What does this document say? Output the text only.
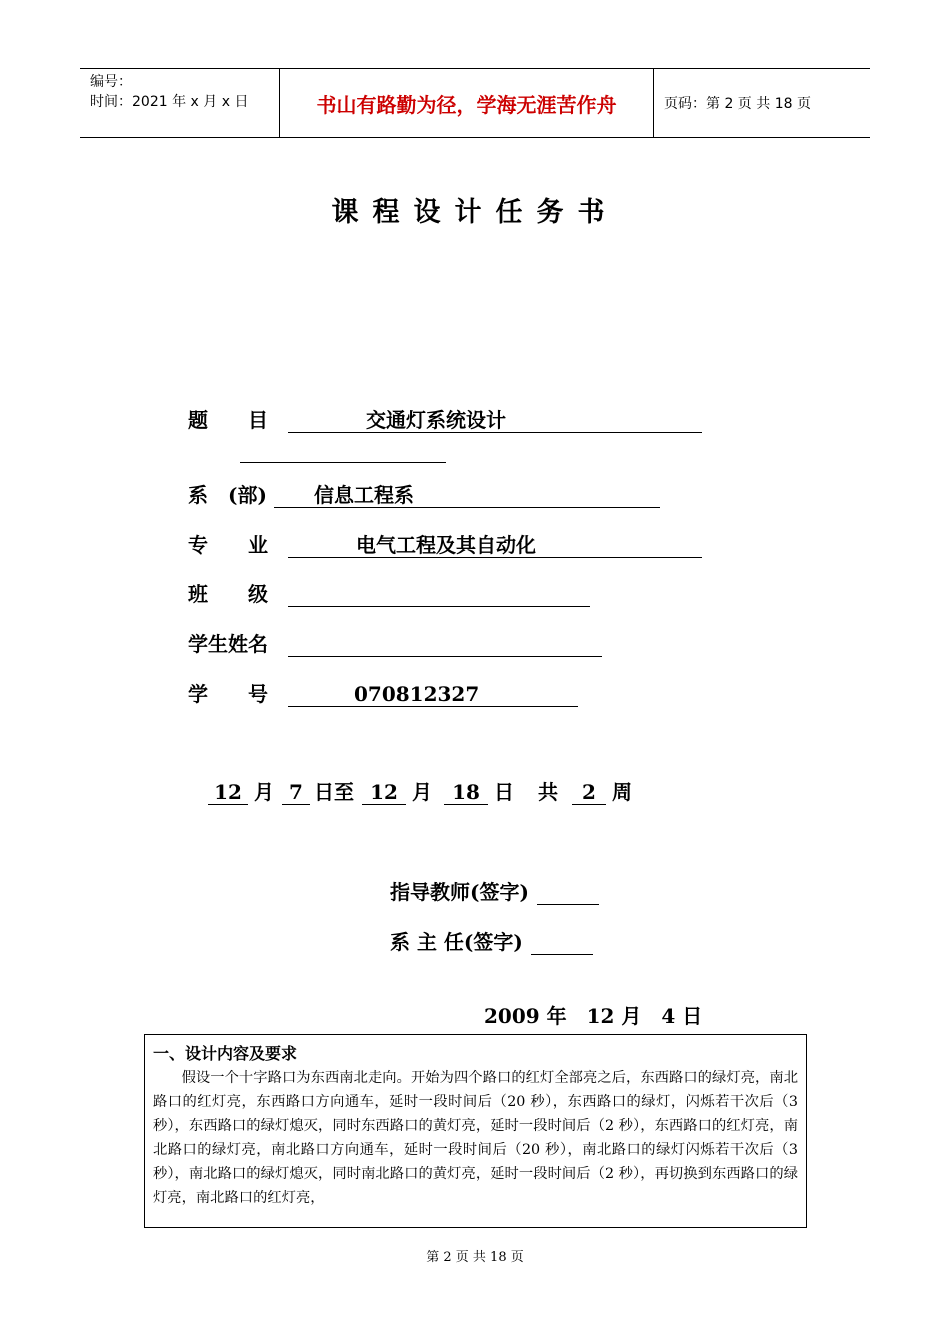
编号：
时间：2021 年 x 月 x 日	书山有路勤为径，学海无涯苦作舟	页码：第 2 页 共 18 页
课程设计任务书
题　　目	交通灯系统设计
系　(部)	信息工程系
专　　业	电气工程及其自动化
班　　级
学生姓名
学　　号	070812327
12 月 7 日至 12 月	18 日 共	2 周
指导教师(签字)
系 主 任(签字)
2009 年　12 月　4 日
一、设计内容及要求
假设一个十字路口为东西南北走向。开始为四个路口的红灯全部亮之后，东西路口的绿灯亮，南北路口的红灯亮，东西路口方向通车，延时一段时间后（20 秒），东西路口的绿灯，闪烁若干次后（3 秒），东西路口的绿灯熄灭，同时东西路口的黄灯亮，延时一段时间后（2 秒），东西路口的红灯亮，南北路口的绿灯亮，南北路口方向通车，延时一段时间后（20 秒），南北路口的绿灯闪烁若干次后（3 秒），南北路口的绿灯熄灭，同时南北路口的黄灯亮，延时一段时间后（2 秒），再切换到东西路口的绿灯亮，南北路口的红灯亮，
第 2 页 共 18 页
